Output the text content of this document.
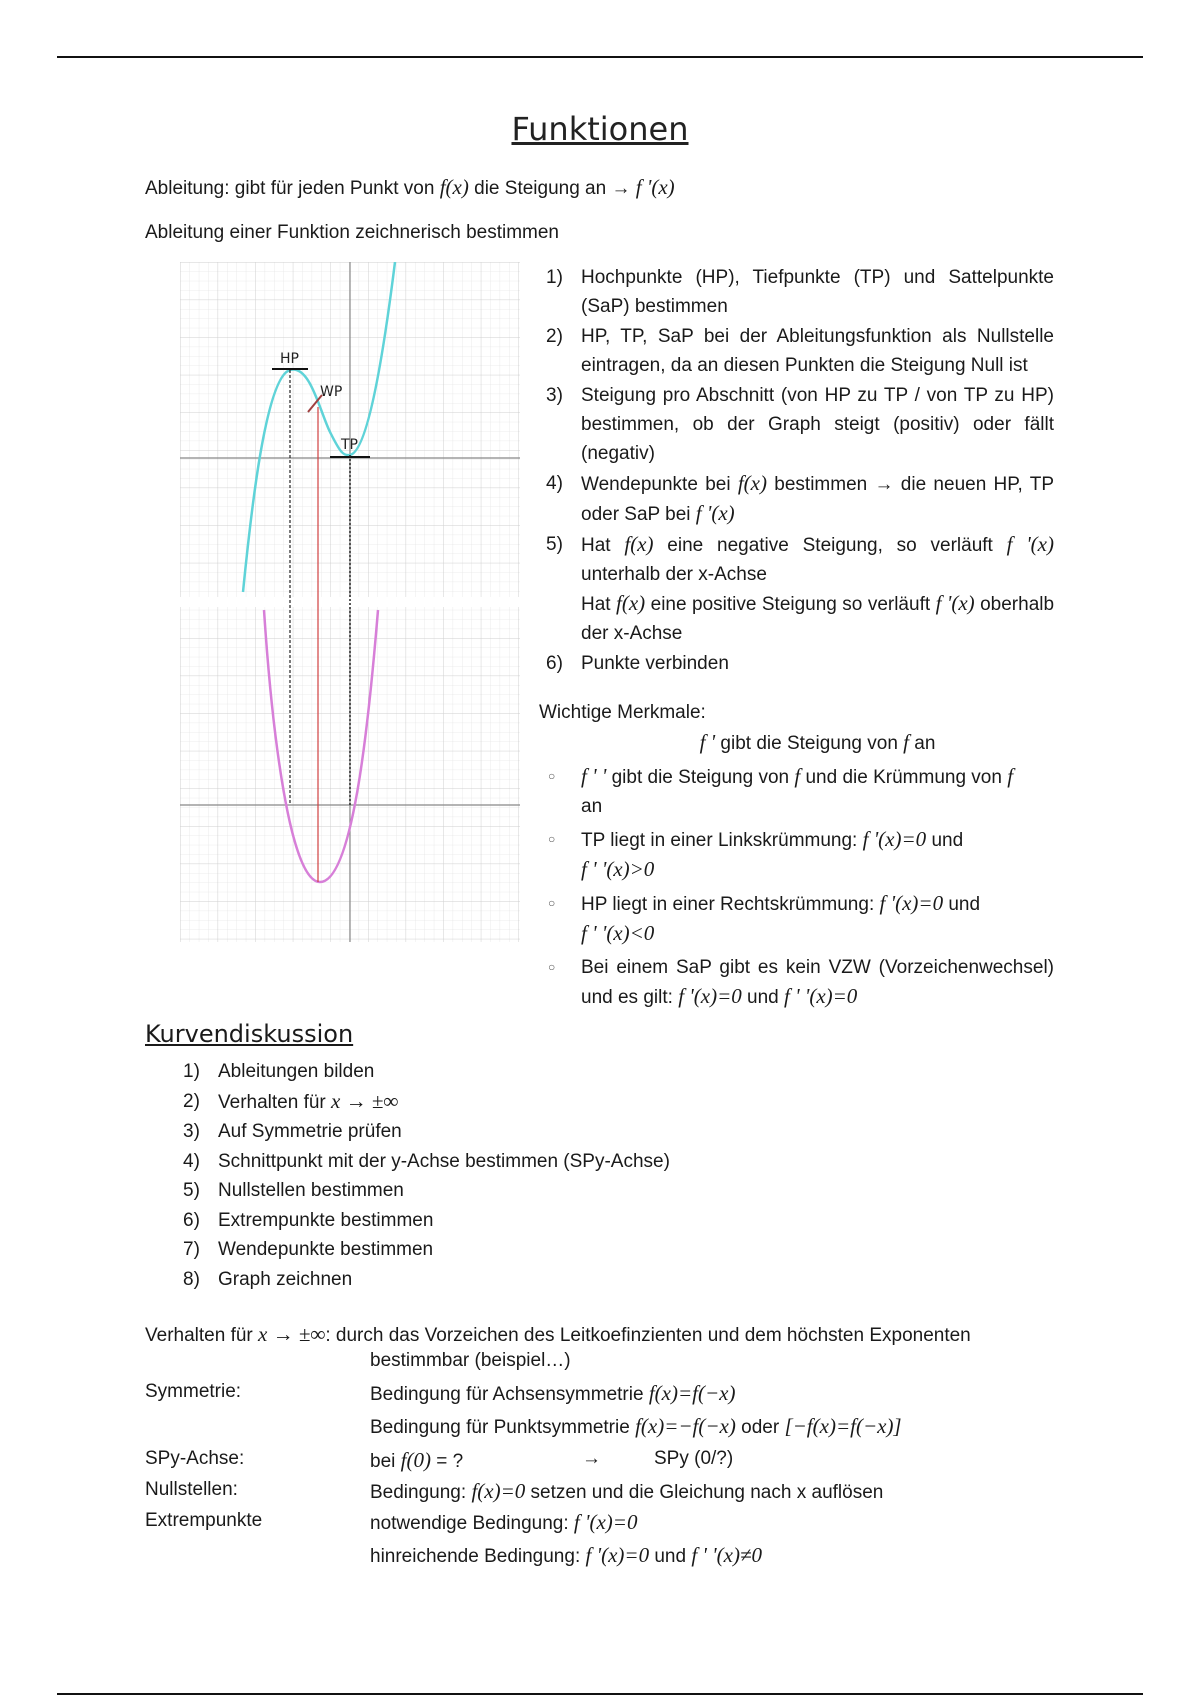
Funktionen
Ableitung: gibt für jeden Punkt von f(x) die Steigung an → f '(x)
Ableitung einer Funktion zeichnerisch bestimmen
HP
WP
TP
1) Hochpunkte (HP), Tiefpunkte (TP) und Sattelpunkte (SaP) bestimmen
2) HP, TP, SaP bei der Ableitungsfunktion als Nullstelle eintragen, da an diesen Punkten die Steigung Null ist
3) Steigung pro Abschnitt (von HP zu TP / von TP zu HP) bestimmen, ob der Graph steigt (positiv) oder fällt (negativ)
4) Wendepunkte bei f(x) bestimmen → die neuen HP, TP oder SaP bei f '(x)
5) Hat f(x) eine negative Steigung, so verläuft f '(x) unterhalb der x-Achse
Hat f(x) eine positive Steigung so verläuft f '(x) oberhalb der x-Achse
6) Punkte verbinden
Wichtige Merkmale:
f ' gibt die Steigung von f an
○ f ' ' gibt die Steigung von f und die Krümmung von f
an
○ TP liegt in einer Linkskrümmung: f '(x)=0 und
f ' '(x)>0
○ HP liegt in einer Rechtskrümmung: f '(x)=0 und
f ' '(x)<0
○ Bei einem SaP gibt es kein VZW (Vorzeichenwechsel) und es gilt: f '(x)=0 und f ' '(x)=0
Kurvendiskussion
1) Ableitungen bilden
2) Verhalten für x → ±∞
3) Auf Symmetrie prüfen
4) Schnittpunkt mit der y-Achse bestimmen (SPy-Achse)
5) Nullstellen bestimmen
6) Extrempunkte bestimmen
7) Wendepunkte bestimmen
8) Graph zeichnen
Verhalten für x → ±∞: durch das Vorzeichen des Leitkoefinzienten und dem höchsten Exponenten
bestimmbar (beispiel…)
Symmetrie:	Bedingung für Achsensymmetrie f(x)=f(−x)
Bedingung für Punktsymmetrie f(x)=−f(−x) oder [−f(x)=f(−x)]
SPy-Achse:	bei f(0) = ?	→	SPy (0/?)
Nullstellen:	Bedingung: f(x)=0 setzen und die Gleichung nach x auflösen
Extrempunkte	notwendige Bedingung: f '(x)=0
hinreichende Bedingung: f '(x)=0 und f ' '(x)≠0
